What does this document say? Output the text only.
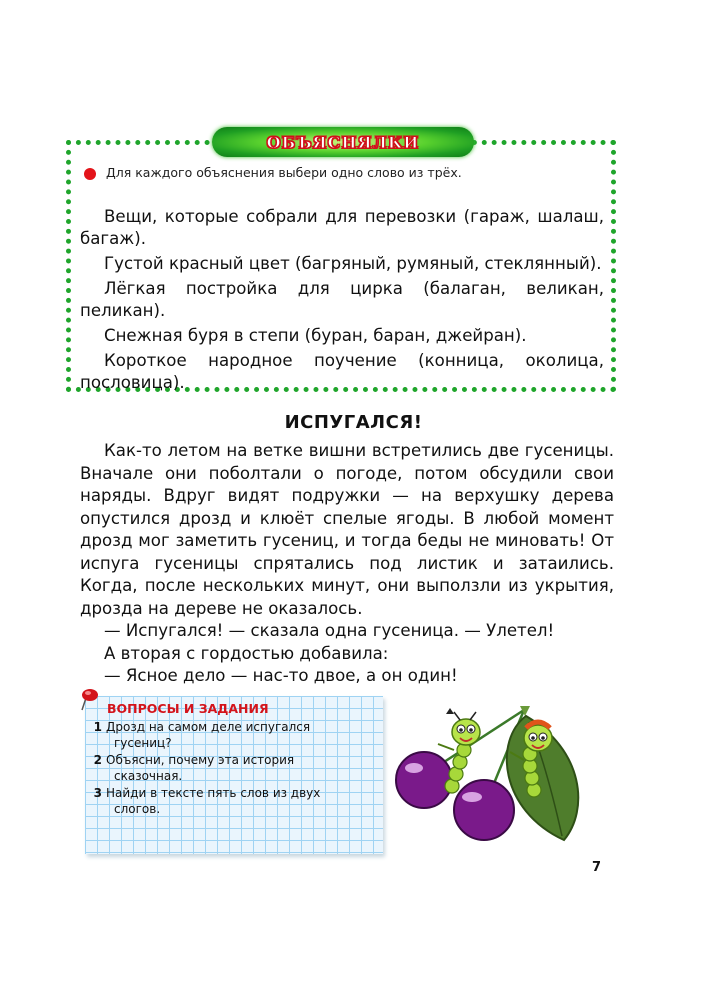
ОБЪЯСНЯЛКИ
Для каждого объяснения выбери одно слово из трёх.

Вещи, которые собрали для перевозки (гараж, шалаш, багаж).

Густой красный цвет (багряный, румяный, стеклянный).

Лёгкая постройка для цирка (балаган, великан, пеликан).

Снежная буря в степи (буран, баран, джейран).

Короткое народное поучение (конница, околица, пословица).

ИСПУГАЛСЯ!

Как-то летом на ветке вишни встретились две гусеницы. Вначале они поболтали о погоде, потом обсудили свои наряды. Вдруг видят подружки — на верхушку дерева опустился дрозд и клюёт спелые ягоды. В любой момент дрозд мог заметить гусениц, и тогда беды не миновать! От испуга гусеницы спрятались под листик и затаились. Когда, после нескольких минут, они выползли из укрытия, дрозда на дереве не оказалось.

— Испугался! — сказала одна гусеница. — Улетел!

А вторая с гордостью добавила:

— Ясное дело — нас-то двое, а он один!

ВОПРОСЫ И ЗАДАНИЯ
1 Дрозд на самом деле испугался
гусениц?
2 Объясни, почему эта история
сказочная.
3 Найди в тексте пять слов из двух
слогов.
7
